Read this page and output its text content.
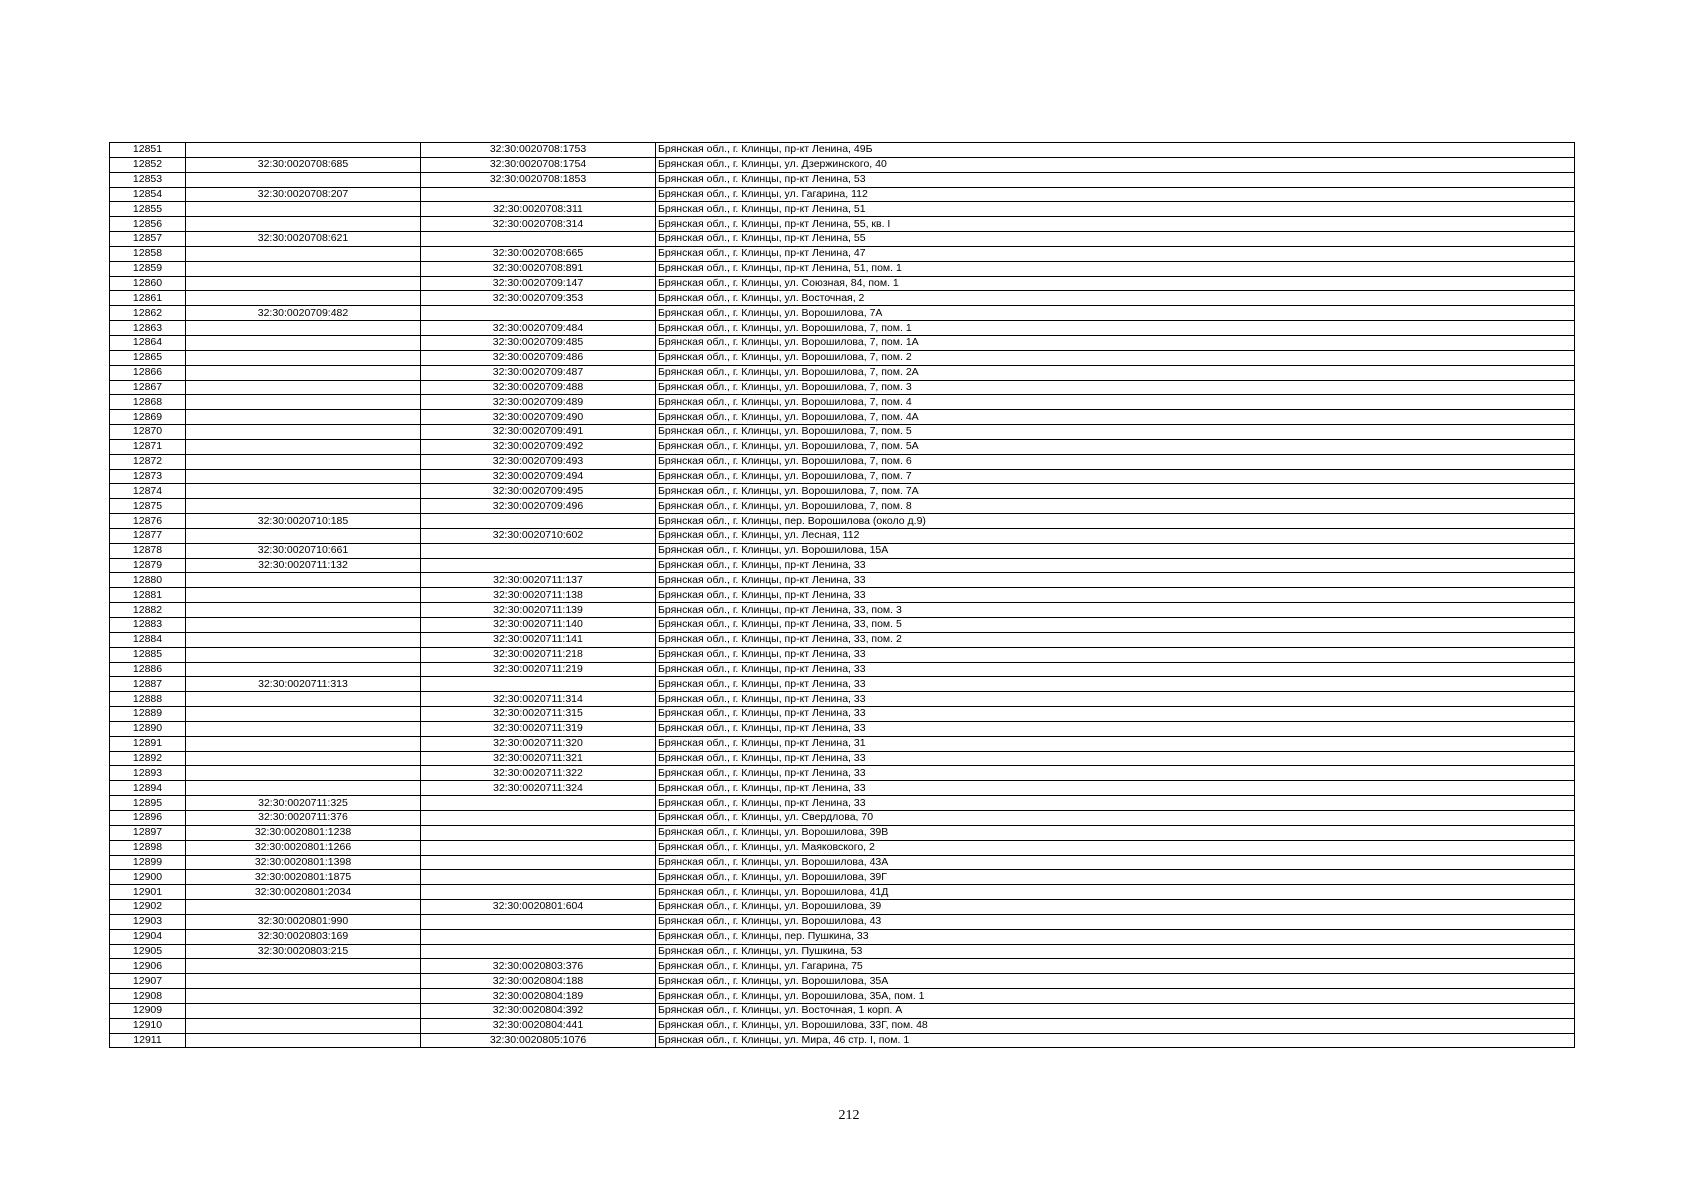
12851		32:30:0020708:1753	Брянская обл., г. Клинцы, пр-кт Ленина, 49Б
12852	32:30:0020708:685	32:30:0020708:1754	Брянская обл., г. Клинцы, ул. Дзержинского, 40
12853		32:30:0020708:1853	Брянская обл., г. Клинцы, пр-кт Ленина, 53
12854	32:30:0020708:207		Брянская обл., г. Клинцы, ул. Гагарина, 112
12855		32:30:0020708:311	Брянская обл., г. Клинцы, пр-кт Ленина, 51
12856		32:30:0020708:314	Брянская обл., г. Клинцы, пр-кт Ленина, 55, кв. I
12857	32:30:0020708:621		Брянская обл., г. Клинцы, пр-кт Ленина, 55
12858		32:30:0020708:665	Брянская обл., г. Клинцы, пр-кт Ленина, 47
12859		32:30:0020708:891	Брянская обл., г. Клинцы, пр-кт Ленина, 51, пом. 1
12860		32:30:0020709:147	Брянская обл., г. Клинцы, ул. Союзная, 84, пом. 1
12861		32:30:0020709:353	Брянская обл., г. Клинцы, ул. Восточная, 2
12862	32:30:0020709:482		Брянская обл., г. Клинцы, ул. Ворошилова, 7А
12863		32:30:0020709:484	Брянская обл., г. Клинцы, ул. Ворошилова, 7, пом. 1
12864		32:30:0020709:485	Брянская обл., г. Клинцы, ул. Ворошилова, 7, пом. 1А
12865		32:30:0020709:486	Брянская обл., г. Клинцы, ул. Ворошилова, 7, пом. 2
12866		32:30:0020709:487	Брянская обл., г. Клинцы, ул. Ворошилова, 7, пом. 2А
12867		32:30:0020709:488	Брянская обл., г. Клинцы, ул. Ворошилова, 7, пом. 3
12868		32:30:0020709:489	Брянская обл., г. Клинцы, ул. Ворошилова, 7, пом. 4
12869		32:30:0020709:490	Брянская обл., г. Клинцы, ул. Ворошилова, 7, пом. 4А
12870		32:30:0020709:491	Брянская обл., г. Клинцы, ул. Ворошилова, 7, пом. 5
12871		32:30:0020709:492	Брянская обл., г. Клинцы, ул. Ворошилова, 7, пом. 5А
12872		32:30:0020709:493	Брянская обл., г. Клинцы, ул. Ворошилова, 7, пом. 6
12873		32:30:0020709:494	Брянская обл., г. Клинцы, ул. Ворошилова, 7, пом. 7
12874		32:30:0020709:495	Брянская обл., г. Клинцы, ул. Ворошилова, 7, пом. 7А
12875		32:30:0020709:496	Брянская обл., г. Клинцы, ул. Ворошилова, 7, пом. 8
12876	32:30:0020710:185		Брянская обл., г. Клинцы, пер. Ворошилова (около д.9)
12877		32:30:0020710:602	Брянская обл., г. Клинцы, ул. Лесная, 112
12878	32:30:0020710:661		Брянская обл., г. Клинцы, ул. Ворошилова, 15А
12879	32:30:0020711:132		Брянская обл., г. Клинцы, пр-кт Ленина, 33
12880		32:30:0020711:137	Брянская обл., г. Клинцы, пр-кт Ленина, 33
12881		32:30:0020711:138	Брянская обл., г. Клинцы, пр-кт Ленина, 33
12882		32:30:0020711:139	Брянская обл., г. Клинцы, пр-кт Ленина, 33, пом. 3
12883		32:30:0020711:140	Брянская обл., г. Клинцы, пр-кт Ленина, 33, пом. 5
12884		32:30:0020711:141	Брянская обл., г. Клинцы, пр-кт Ленина, 33, пом. 2
12885		32:30:0020711:218	Брянская обл., г. Клинцы, пр-кт Ленина, 33
12886		32:30:0020711:219	Брянская обл., г. Клинцы, пр-кт Ленина, 33
12887	32:30:0020711:313		Брянская обл., г. Клинцы, пр-кт Ленина, 33
12888		32:30:0020711:314	Брянская обл., г. Клинцы, пр-кт Ленина, 33
12889		32:30:0020711:315	Брянская обл., г. Клинцы, пр-кт Ленина, 33
12890		32:30:0020711:319	Брянская обл., г. Клинцы, пр-кт Ленина, 33
12891		32:30:0020711:320	Брянская обл., г. Клинцы, пр-кт Ленина, 31
12892		32:30:0020711:321	Брянская обл., г. Клинцы, пр-кт Ленина, 33
12893		32:30:0020711:322	Брянская обл., г. Клинцы, пр-кт Ленина, 33
12894		32:30:0020711:324	Брянская обл., г. Клинцы, пр-кт Ленина, 33
12895	32:30:0020711:325		Брянская обл., г. Клинцы, пр-кт Ленина, 33
12896	32:30:0020711:376		Брянская обл., г. Клинцы, ул. Свердлова, 70
12897	32:30:0020801:1238		Брянская обл., г. Клинцы, ул. Ворошилова, 39В
12898	32:30:0020801:1266		Брянская обл., г. Клинцы, ул. Маяковского, 2
12899	32:30:0020801:1398		Брянская обл., г. Клинцы, ул. Ворошилова, 43А
12900	32:30:0020801:1875		Брянская обл., г. Клинцы, ул. Ворошилова, 39Г
12901	32:30:0020801:2034		Брянская обл., г. Клинцы, ул. Ворошилова, 41Д
12902		32:30:0020801:604	Брянская обл., г. Клинцы, ул. Ворошилова, 39
12903	32:30:0020801:990		Брянская обл., г. Клинцы, ул. Ворошилова, 43
12904	32:30:0020803:169		Брянская обл., г. Клинцы, пер. Пушкина, 33
12905	32:30:0020803:215		Брянская обл., г. Клинцы, ул. Пушкина, 53
12906		32:30:0020803:376	Брянская обл., г. Клинцы, ул. Гагарина, 75
12907		32:30:0020804:188	Брянская обл., г. Клинцы, ул. Ворошилова, 35А
12908		32:30:0020804:189	Брянская обл., г. Клинцы, ул. Ворошилова, 35А, пом. 1
12909		32:30:0020804:392	Брянская обл., г. Клинцы, ул. Восточная, 1 корп. А
12910		32:30:0020804:441	Брянская обл., г. Клинцы, ул. Ворошилова, 33Г, пом. 48
12911		32:30:0020805:1076	Брянская обл., г. Клинцы, ул. Мира, 46 стр. I, пом. 1
212
